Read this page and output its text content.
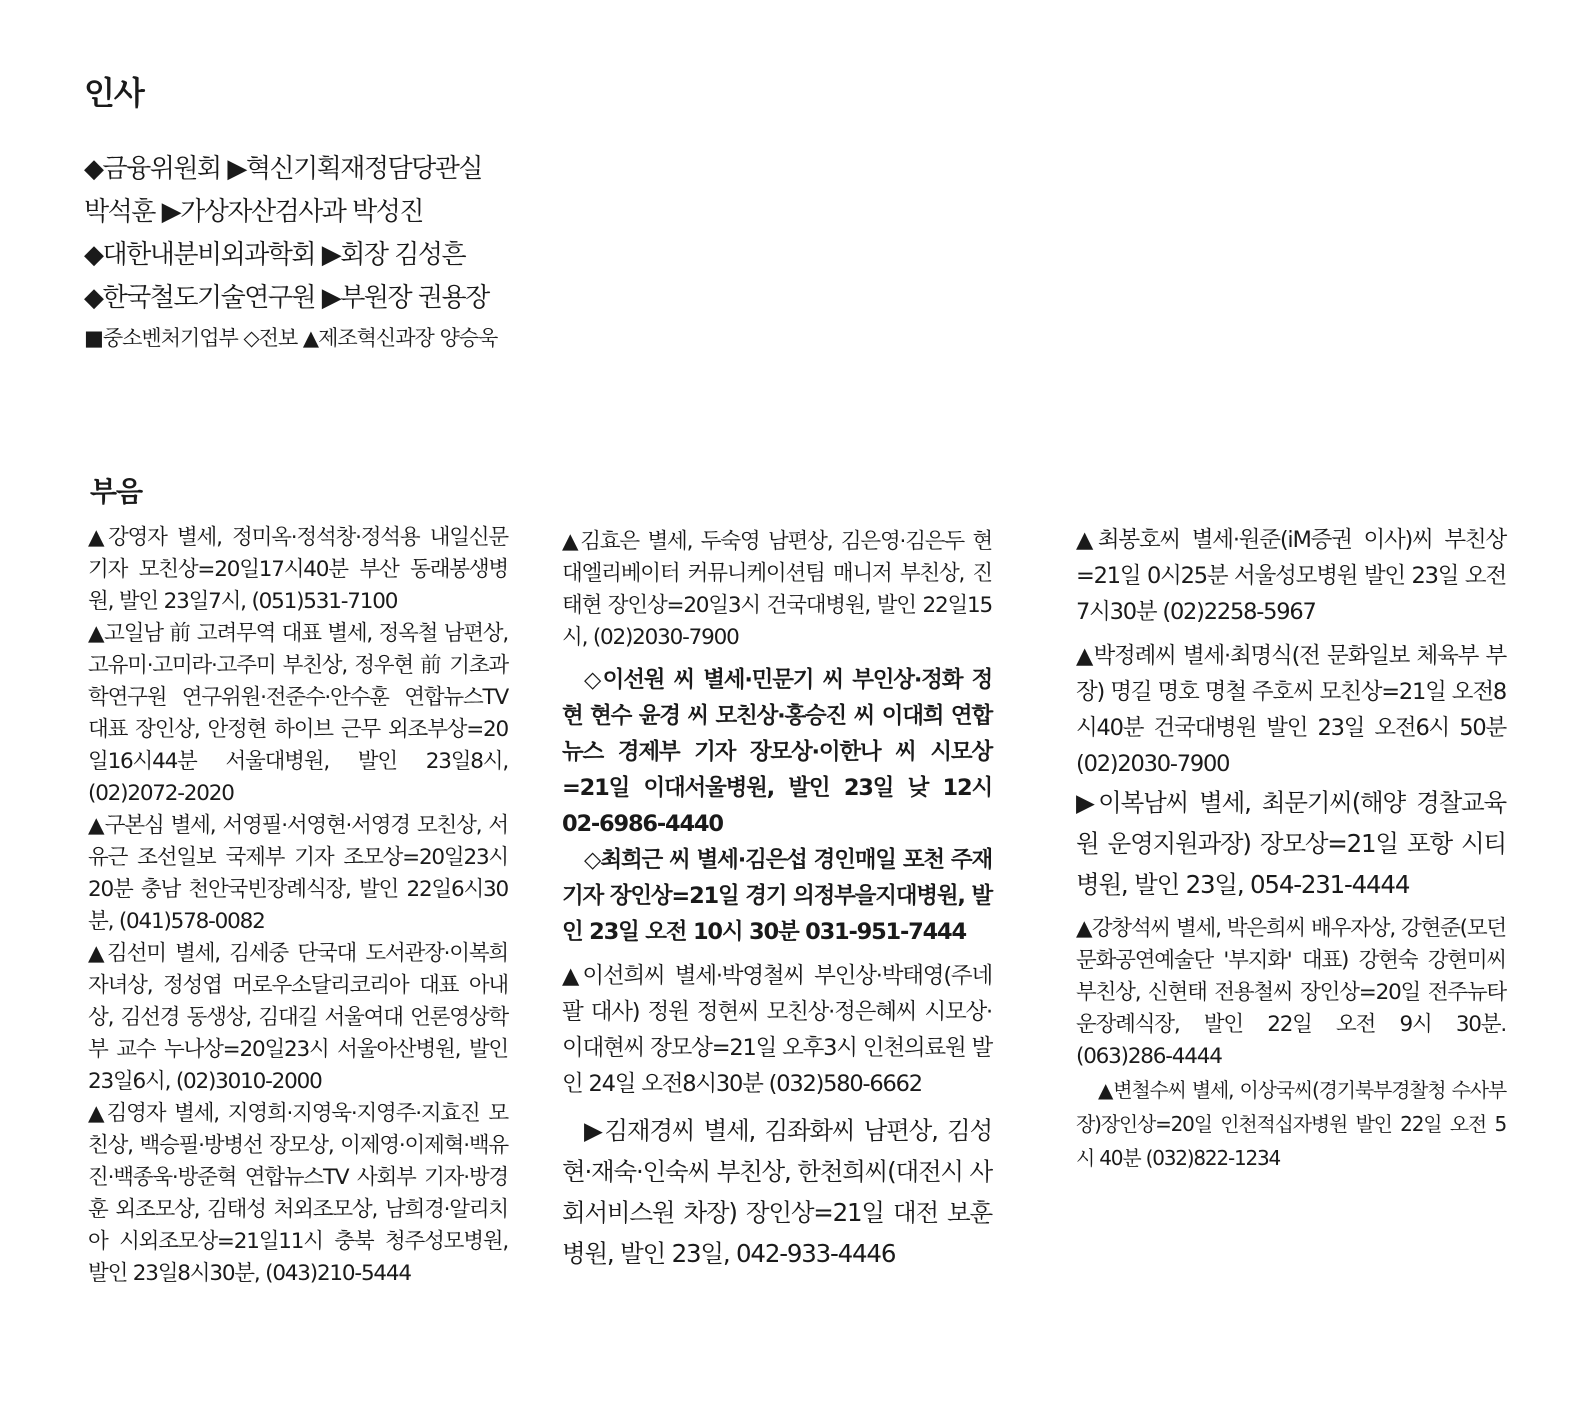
인사
◆금융위원회 ▶혁신기획재정담당관실
박석훈 ▶가상자산검사과 박성진
◆대한내분비외과학회 ▶회장 김성흔
◆한국철도기술연구원 ▶부원장 권용장
■중소벤처기업부 ◇전보 ▲제조혁신과장 양승욱
부음
▲강영자 별세, 정미옥·정석창·정석용 내일신문 기자 모친상=20일17시40분 부산 동래봉생병원, 발인 23일7시, (051)531-7100
▲고일남 前 고려무역 대표 별세, 정옥철 남편상, 고유미·고미라·고주미 부친상, 정우현 前 기초과학연구원 연구위원·전준수·안수훈 연합뉴스TV 대표 장인상, 안정현 하이브 근무 외조부상=20일16시44분 서울대병원, 발인 23일8시, (02)2072-2020
▲구본심 별세, 서영필·서영현·서영경 모친상, 서유근 조선일보 국제부 기자 조모상=20일23시20분 충남 천안국빈장례식장, 발인 22일6시30분, (041)578-0082
▲김선미 별세, 김세중 단국대 도서관장·이복희 자녀상, 정성엽 머로우소달리코리아 대표 아내상, 김선경 동생상, 김대길 서울여대 언론영상학부 교수 누나상=20일23시 서울아산병원, 발인 23일6시, (02)3010-2000
▲김영자 별세, 지영희·지영욱·지영주·지효진 모친상, 백승필·방병선 장모상, 이제영·이제혁·백유진·백종욱·방준혁 연합뉴스TV 사회부 기자·방경훈 외조모상, 김태성 처외조모상, 남희경·알리치아 시외조모상=21일11시 충북 청주성모병원, 발인 23일8시30분, (043)210-5444
▲김효은 별세, 두숙영 남편상, 김은영·김은두 현대엘리베이터 커뮤니케이션팀 매니저 부친상, 진태현 장인상=20일3시 건국대병원, 발인 22일15시, (02)2030-7900
◇이선원 씨 별세·민문기 씨 부인상·정화 정현 현수 윤경 씨 모친상·홍승진 씨 이대희 연합뉴스 경제부 기자 장모상·이한나 씨 시모상=21일 이대서울병원, 발인 23일 낮 12시 02-6986-4440
◇최희근 씨 별세·김은섭 경인매일 포천 주재기자 장인상=21일 경기 의정부을지대병원, 발인 23일 오전 10시 30분 031-951-7444
▲이선희씨 별세·박영철씨 부인상·박태영(주네팔 대사) 정원 정현씨 모친상·정은혜씨 시모상·이대현씨 장모상=21일 오후3시 인천의료원 발인 24일 오전8시30분 (032)580-6662
▶김재경씨 별세, 김좌화씨 남편상, 김성현·재숙·인숙씨 부친상, 한천희씨(대전시 사회서비스원 차장) 장인상=21일 대전 보훈병원, 발인 23일, 042-933-4446
▲최봉호씨 별세·원준(iM증권 이사)씨 부친상=21일 0시25분 서울성모병원 발인 23일 오전7시30분 (02)2258-5967
▲박정례씨 별세·최명식(전 문화일보 체육부 부장) 명길 명호 명철 주호씨 모친상=21일 오전8시40분 건국대병원 발인 23일 오전6시 50분 (02)2030-7900
▶이복남씨 별세, 최문기씨(해양 경찰교육원 운영지원과장) 장모상=21일 포항 시티병원, 발인 23일, 054-231-4444
▲강창석씨 별세, 박은희씨 배우자상, 강현준(모던문화공연예술단 '부지화' 대표) 강현숙 강현미씨 부친상, 신현태 전용철씨 장인상=20일 전주뉴타운장례식장, 발인 22일 오전 9시 30분. (063)286-4444
▲변철수씨 별세, 이상국씨(경기북부경찰청 수사부장)장인상=20일 인천적십자병원 발인 22일 오전 5시 40분 (032)822-1234
